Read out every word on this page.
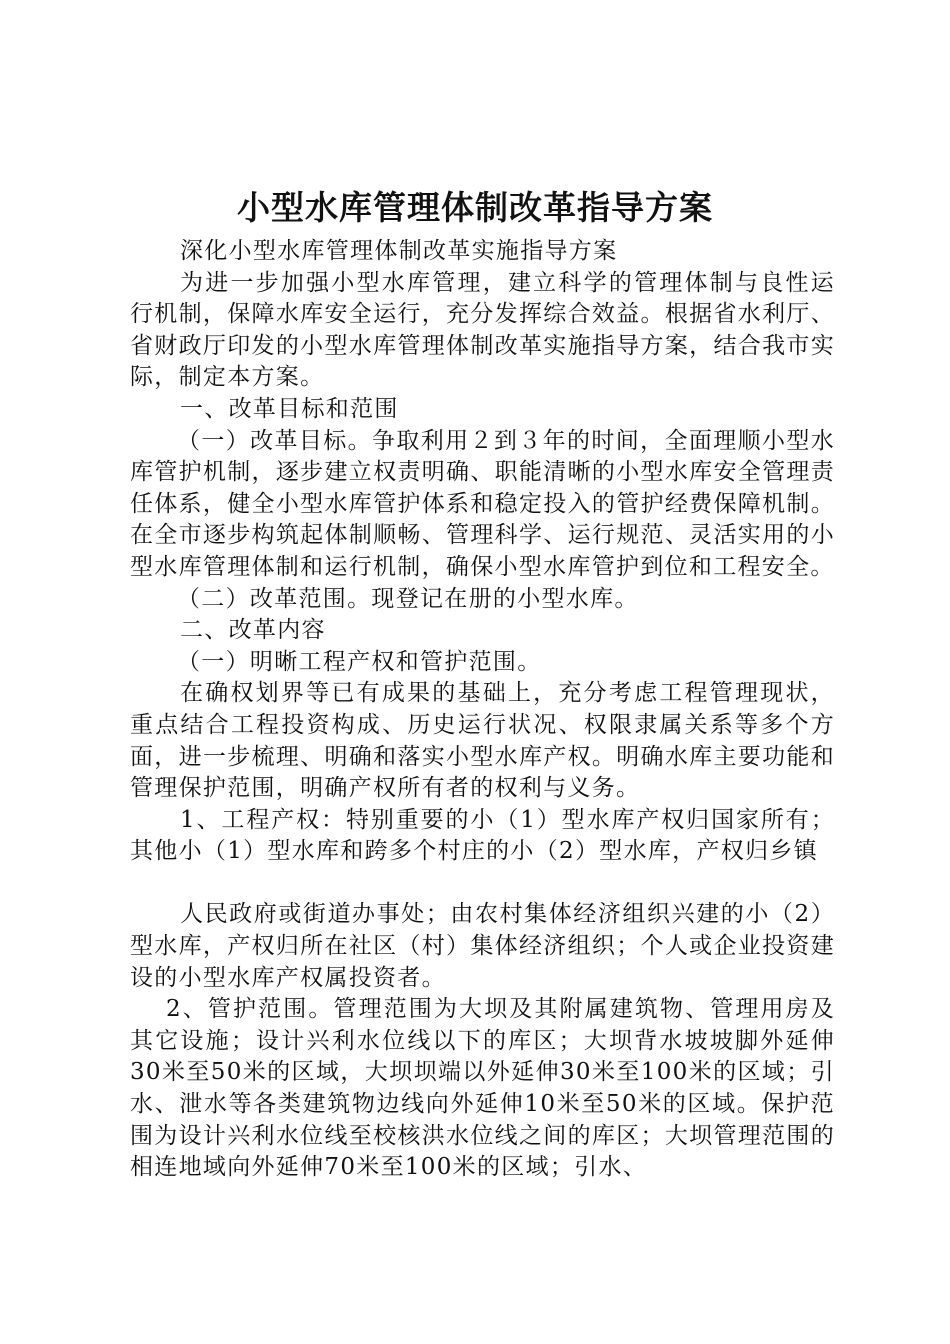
小型水库管理体制改革指导方案

深化小型水库管理体制改革实施指导方案

为进一步加强小型水库管理，建立科学的管理体制与良性运行机制，保障水库安全运行，充分发挥综合效益。根据省水利厅、省财政厅印发的小型水库管理体制改革实施指导方案，结合我市实际，制定本方案。

一、改革目标和范围

（一）改革目标。争取利用２到３年的时间，全面理顺小型水库管护机制，逐步建立权责明确、职能清晰的小型水库安全管理责任体系，健全小型水库管护体系和稳定投入的管护经费保障机制。在全市逐步构筑起体制顺畅、管理科学、运行规范、灵活实用的小型水库管理体制和运行机制，确保小型水库管护到位和工程安全。

（二）改革范围。现登记在册的小型水库。

二、改革内容

（一）明晰工程产权和管护范围。

在确权划界等已有成果的基础上，充分考虑工程管理现状，重点结合工程投资构成、历史运行状况、权限隶属关系等多个方面，进一步梳理、明确和落实小型水库产权。明确水库主要功能和管理保护范围，明确产权所有者的权利与义务。

1、工程产权：特别重要的小（1）型水库产权归国家所有；其他小（1）型水库和跨多个村庄的小（2）型水库，产权归乡镇

人民政府或街道办事处；由农村集体经济组织兴建的小（2）型水库，产权归所在社区（村）集体经济组织；个人或企业投资建设的小型水库产权属投资者。

2、管护范围。管理范围为大坝及其附属建筑物、管理用房及其它设施；设计兴利水位线以下的库区；大坝背水坡坡脚外延伸30米至50米的区域，大坝坝端以外延伸30米至100米的区域；引水、泄水等各类建筑物边线向外延伸10米至50米的区域。保护范围为设计兴利水位线至校核洪水位线之间的库区；大坝管理范围的相连地域向外延伸70米至100米的区域；引水、
